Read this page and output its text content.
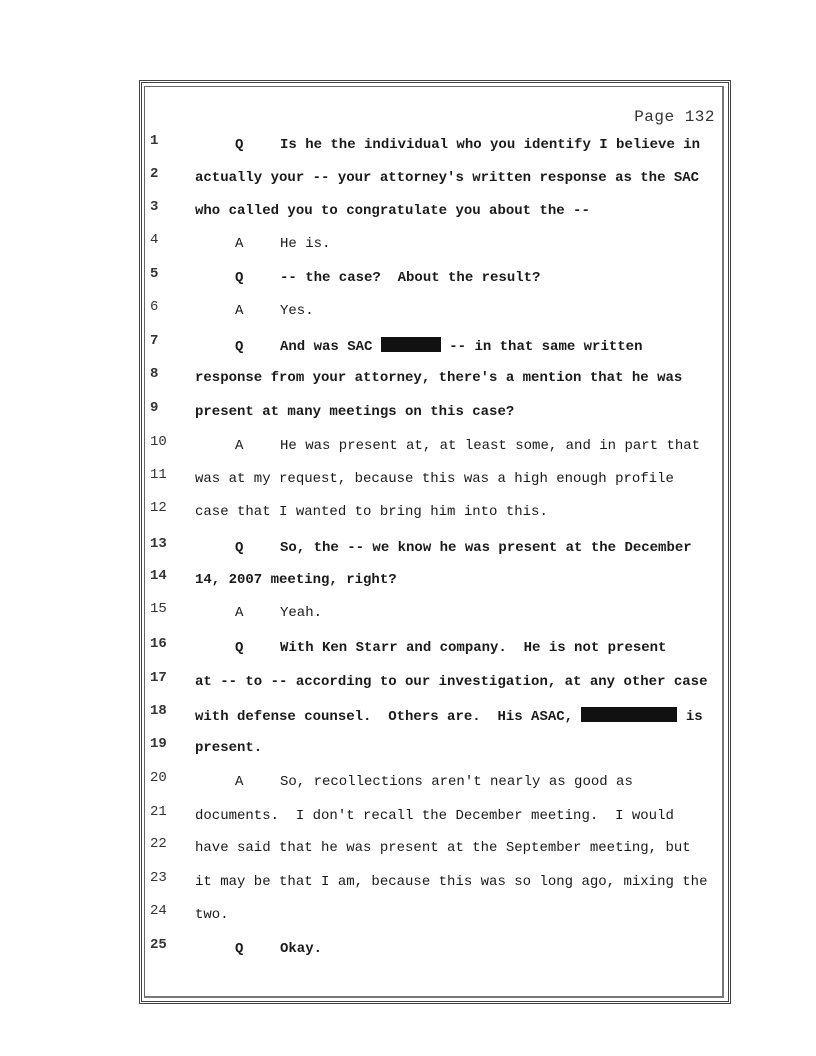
Page 132
1	Q	Is he the individual who you identify I believe in
2	actually your -- your attorney's written response as the SAC
3	who called you to congratulate you about the --
4	A	He is.
5	Q	-- the case?  About the result?
6	A	Yes.
7	Q	And was SAC	-- in that same written
8	response from your attorney, there's a mention that he was
9	present at many meetings on this case?
10	A	He was present at, at least some, and in part that
11 was at my request, because this was a high enough profile
12 case that I wanted to bring him into this.
13	Q	So, the -- we know he was present at the December
14 14, 2007 meeting, right?
15	A	Yeah.
16	Q	With Ken Starr and company.  He is not present
17 at -- to -- according to our investigation, at any other case
18 with defense counsel.  Others are.  His ASAC,	is
19 present.
20	A	So, recollections aren't nearly as good as
21 documents.  I don't recall the December meeting.  I would
22 have said that he was present at the September meeting, but
23 it may be that I am, because this was so long ago, mixing the
24 two.
25	Q	Okay.
